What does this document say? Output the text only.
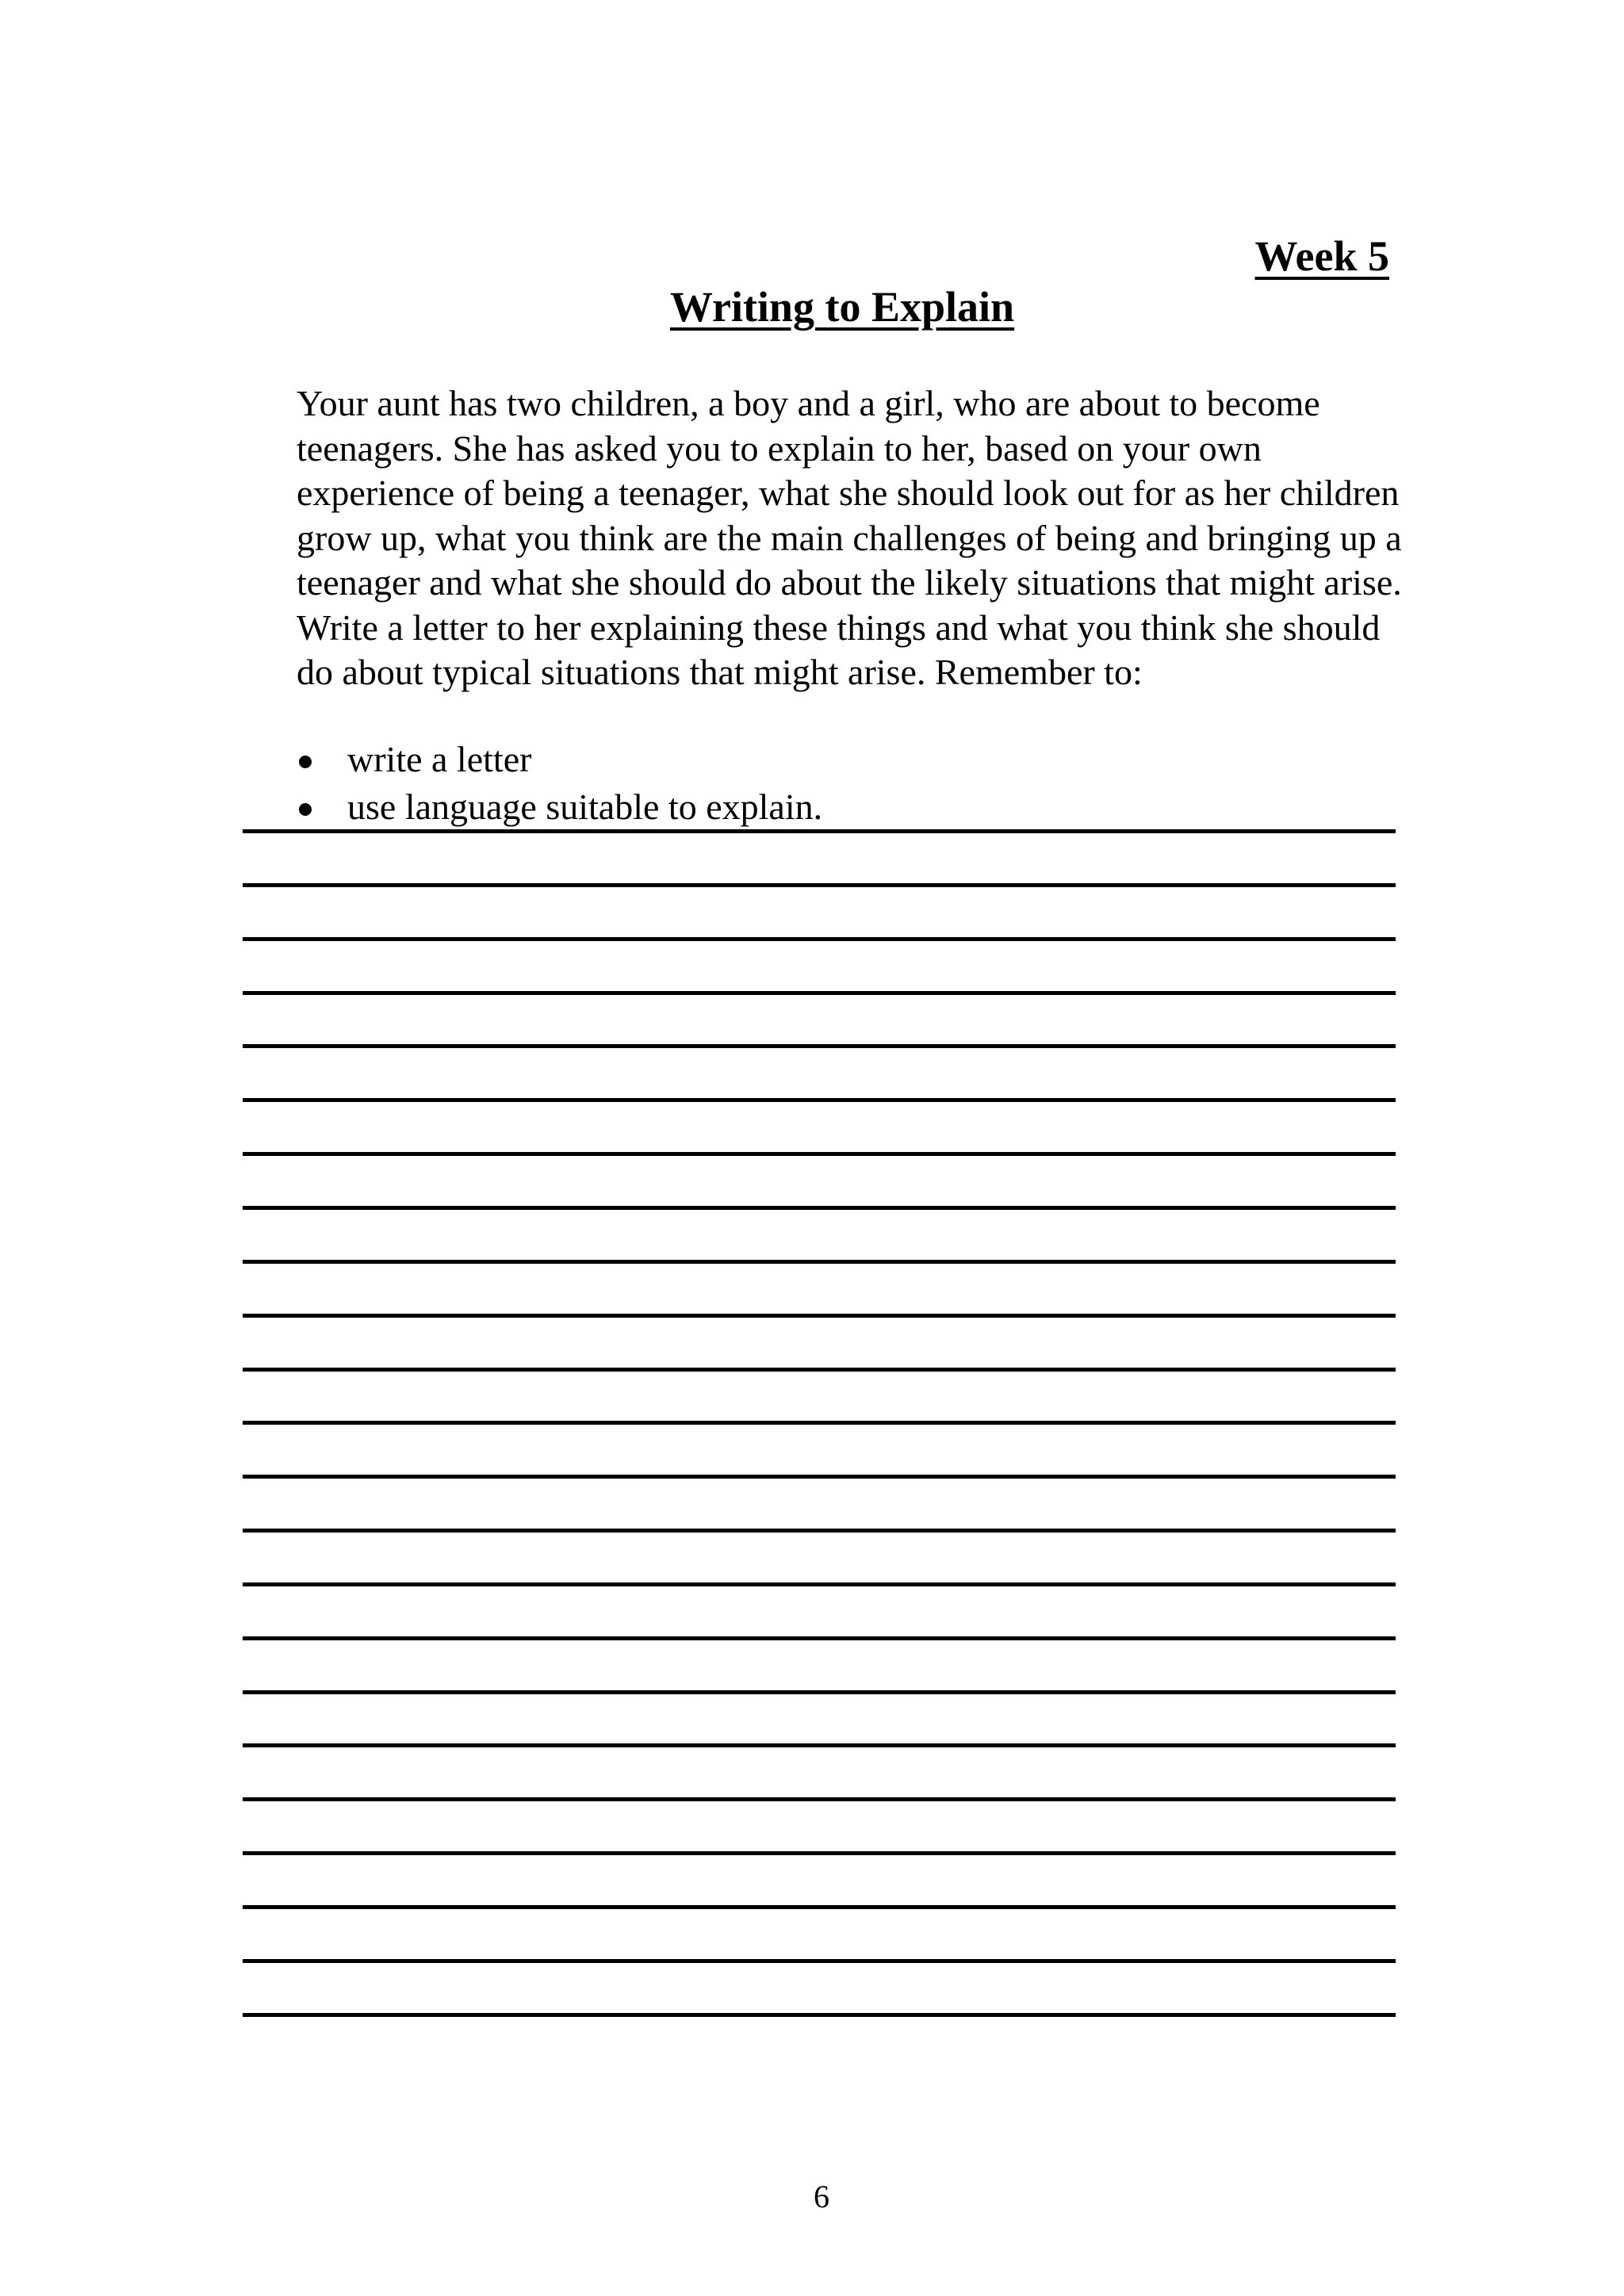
Week 5
Writing to Explain

Your aunt has two children, a boy and a girl, who are about to become teenagers. She has asked you to explain to her, based on your own experience of being a teenager, what she should look out for as her children grow up, what you think are the main challenges of being and bringing up a teenager and what she should do about the likely situations that might arise. Write a letter to her explaining these things and what you think she should do about typical situations that might arise. Remember to:

write a letter
use language suitable to explain.
6
